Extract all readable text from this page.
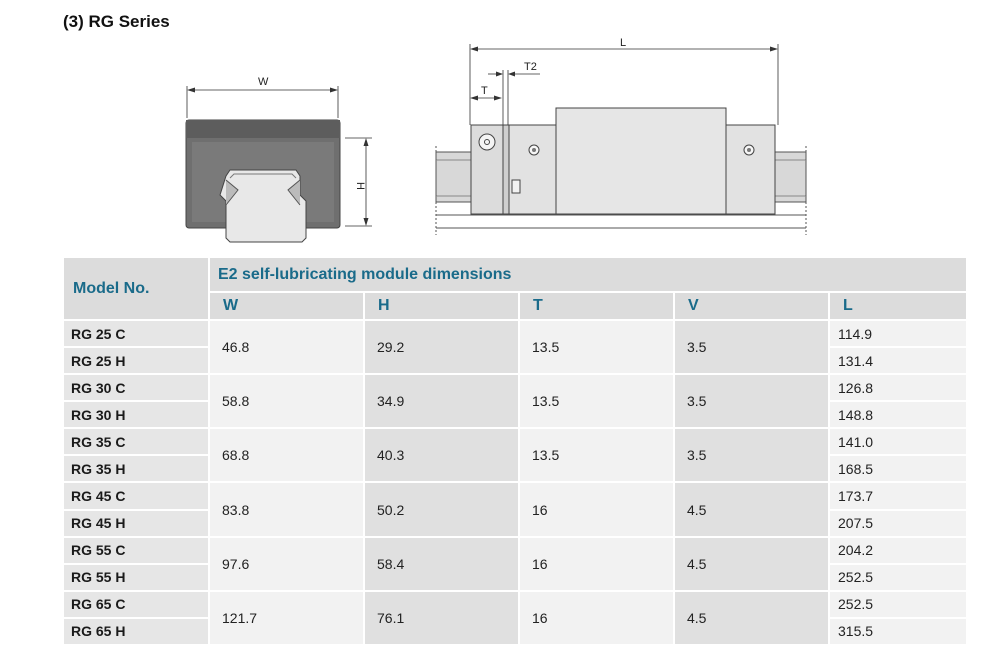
(3) RG Series
W
H
L
T2
T
Model No.	E2 self-lubricating module dimensions				
	W	H	T	V	L
RG 25 C	46.8	29.2	13.5	3.5	114.9
RG 25 H					131.4
RG 30 C	58.8	34.9	13.5	3.5	126.8
RG 30 H					148.8
RG 35 C	68.8	40.3	13.5	3.5	141.0
RG 35 H					168.5
RG 45 C	83.8	50.2	16	4.5	173.7
RG 45 H					207.5
RG 55 C	97.6	58.4	16	4.5	204.2
RG 55 H					252.5
RG 65 C	121.7	76.1	16	4.5	252.5
RG 65 H					315.5
